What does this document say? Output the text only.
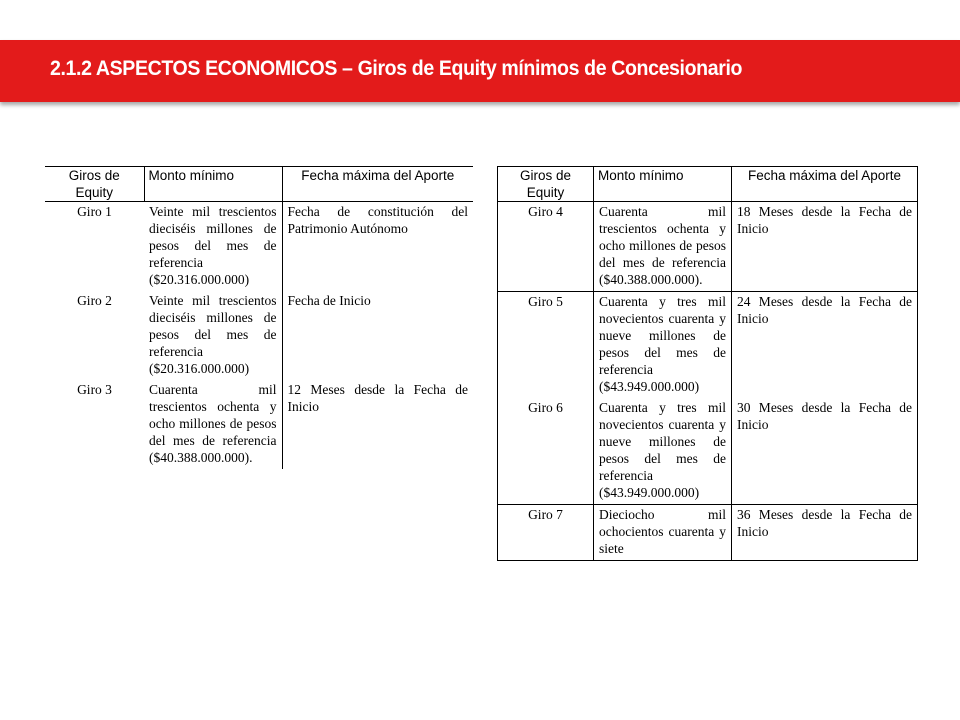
2.1.2 ASPECTOS ECONOMICOS – Giros de Equity mínimos de Concesionario
Giros de Equity	Monto mínimo	Fecha máxima del Aporte
Giro 1	Veinte mil trescientos dieciséis millones de pesos del mes de referencia ($20.316.000.000)	Fecha de constitución del Patrimonio Autónomo
Giro 2	Veinte mil trescientos dieciséis millones de pesos del mes de referencia ($20.316.000.000)	Fecha de Inicio
Giro 3	Cuarenta mil trescientos ochenta y ocho millones de pesos del mes de referencia ($40.388.000.000).	12 Meses desde la Fecha de Inicio
Giros de Equity	Monto mínimo	Fecha máxima del Aporte
Giro 4	Cuarenta mil trescientos ochenta y ocho millones de pesos del mes de referencia ($40.388.000.000).	18 Meses desde la Fecha de Inicio
Giro 5	Cuarenta y tres mil novecientos cuarenta y nueve millones de pesos del mes de referencia ($43.949.000.000)	24 Meses desde la Fecha de Inicio
Giro 6	Cuarenta y tres mil novecientos cuarenta y nueve millones de pesos del mes de referencia ($43.949.000.000)	30 Meses desde la Fecha de Inicio
Giro 7	Dieciocho mil ochocientos cuarenta y siete	36 Meses desde la Fecha de Inicio
